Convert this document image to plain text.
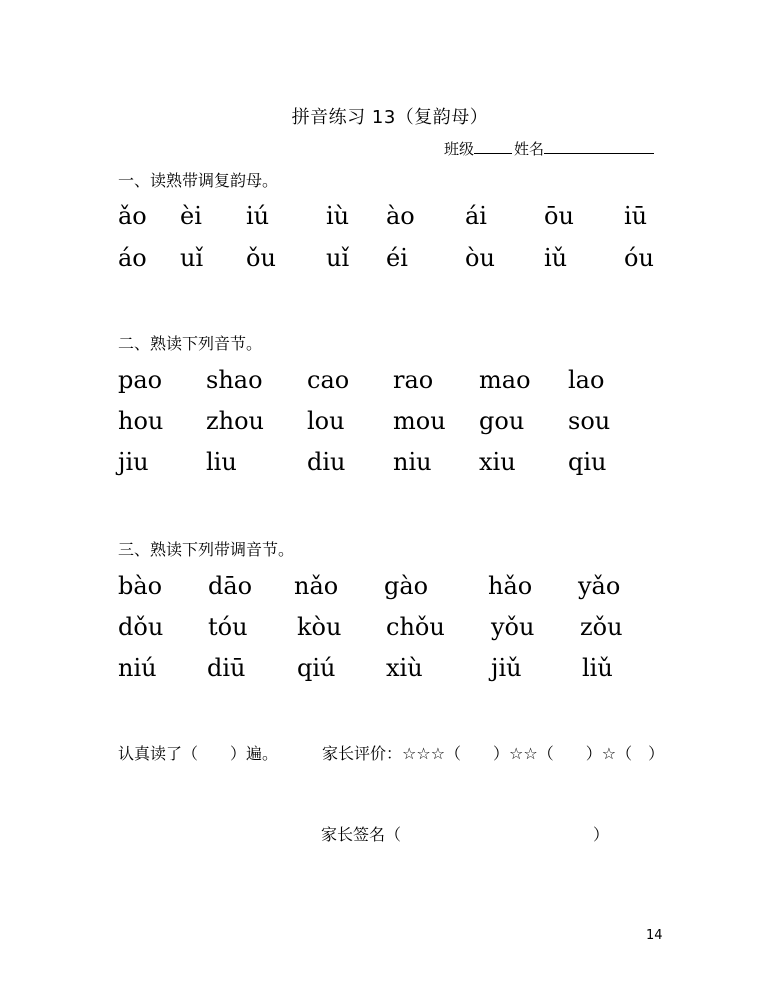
拼音练习 13（复韵母）
班级	姓名
一、读熟带调复韵母。
ǎo èi iú iù ào ái ōu iū
áo uǐ ǒu uǐ éi òu iǔ óu
二、熟读下列音节。
pao shao cao rao mao lao
hou zhou lou mou gou sou
jiu liu	diu niu xiu qiu
三、熟读下列带调音节。
bào dāo nǎo gào hǎo yǎo
dǒu tóu kòu chǒu yǒu zǒu
niú diū qiú xiù	jiǔ	liǔ
认真读了（　　）遍。	家长评价：☆☆☆（　　）☆☆（　　）☆（　）
家长签名（　　　　　　　　　　　　）
14
